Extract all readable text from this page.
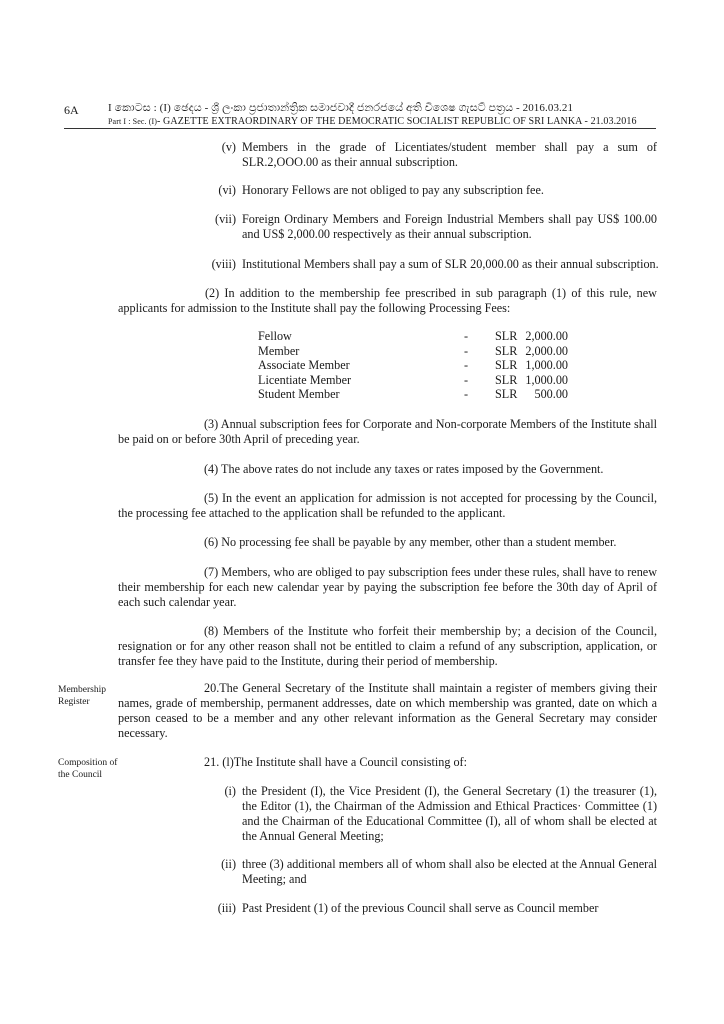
6A	I කොටස : (I) ඡෙදය - ශ්‍රී ලංකා ප්‍රජාතාන්ත්‍රික සමාජවාදී ජනරජයේ අති විශෙෂ ගැසට් පත්‍රය - 2016.03.21
Part I : Sec. (I)- GAZETTE EXTRAORDINARY OF THE DEMOCRATIC SOCIALIST REPUBLIC OF SRI LANKA - 21.03.2016
(v) Members in the grade of Licentiates/student member shall pay a sum of SLR.2,OOO.00 as their annual subscription.
(vi) Honorary Fellows are not obliged to pay any subscription fee.
(vii) Foreign Ordinary Members and Foreign Industrial Members shall pay US$ 100.00 and US$ 2,000.00 respectively as their annual subscription.
(viii) Institutional Members shall pay a sum of SLR 20,000.00 as their annual subscription.
(2) In addition to the membership fee prescribed in sub paragraph (1) of this rule, new applicants for admission to the Institute shall pay the following Processing Fees:
Fellow	- SLR 2,000.00
Member	- SLR 2,000.00
Associate Member	- SLR 1,000.00
Licentiate Member	- SLR 1,000.00
Student Member	- SLR	500.00
(3) Annual subscription fees for Corporate and Non-corporate Members of the Institute shall be paid on or before 30th April of preceding year.
(4) The above rates do not include any taxes or rates imposed by the Government.
(5) In the event an application for admission is not accepted for processing by the Council, the processing fee attached to the application shall be refunded to the applicant.
(6) No processing fee shall be payable by any member, other than a student member.
(7) Members, who are obliged to pay subscription fees under these rules, shall have to renew their membership for each new calendar year by paying the subscription fee before the 30th day of April of each such calendar year.
(8) Members of the Institute who forfeit their membership by; a decision of the Council, resignation or for any other reason shall not be entitled to claim a refund of any subscription, application, or transfer fee they have paid to the Institute, during their period of membership.
Membership
Register
20.The General Secretary of the Institute shall maintain a register of members giving their names, grade of membership, permanent addresses, date on which membership was granted, date on which a person ceased to be a member and any other relevant information as the General Secretary may consider necessary.
Composition of
the Council
21. (l)The Institute shall have a Council consisting of:
(i) the President (I), the Vice President (I), the General Secretary (1) the treasurer (1), the Editor (1), the Chairman of the Admission and Ethical Practices· Committee (1) and the Chairman of the Educational Committee (I), all of whom shall be elected at the Annual General Meeting;
(ii) three (3) additional members all of whom shall also be elected at the Annual General Meeting; and
(iii) Past President (1) of the previous Council shall serve as Council member
